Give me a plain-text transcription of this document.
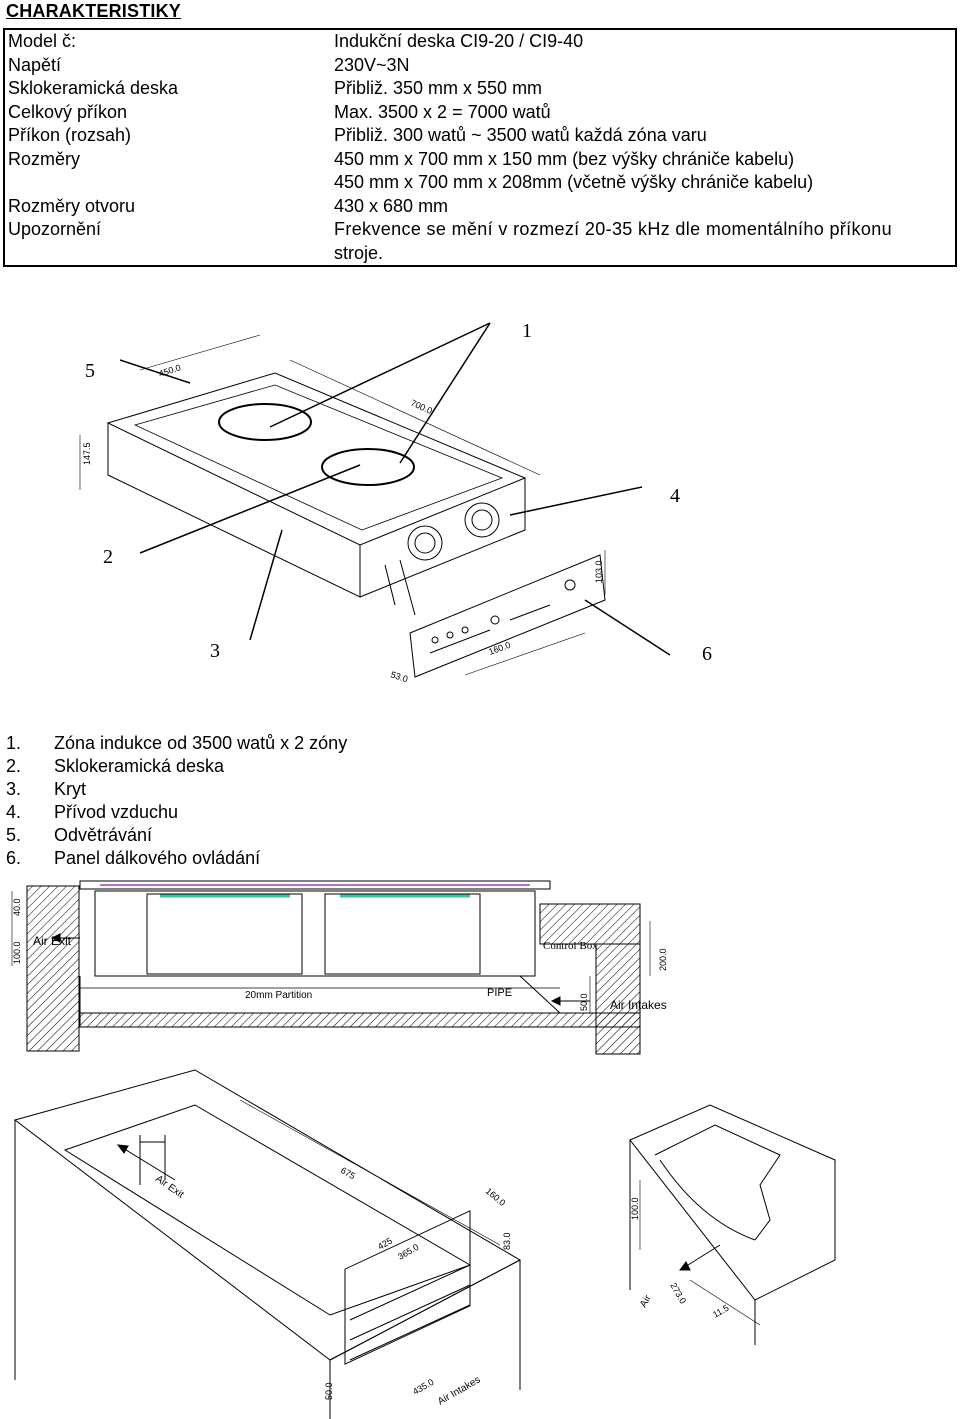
CHARAKTERISTIKY
Model č:	Indukční deska CI9-20 / CI9-40
Napětí	230V~3N
Sklokeramická deska	Přibliž. 350 mm x 550 mm
Celkový příkon	Max. 3500 x 2 = 7000 watů
Příkon (rozsah)	Přibliž. 300 watů ~ 3500 watů každá zóna varu
Rozměry	450 mm x 700 mm x 150 mm (bez výšky chrániče kabelu)
450 mm x 700 mm x 208mm (včetně výšky chrániče kabelu)

Rozměry otvoru	430 x 680 mm
Upozornění	Frekvence se mění v rozmezí 20-35 kHz dle momentálního příkonu
stroje.
1
2
3
4
5
6
450.0
700.0
147.5
103.0
160.0
53.0
1.	Zóna indukce od 3500 watů x 2 zóny
2.	Sklokeramická deska
3.	Kryt
4.	Přívod vzduchu
5.	Odvětrávání
6.	Panel dálkového ovládání
Air Exit	Control Box
20mm Partition	PIPE
Air Intakes
40.0
100.0	200.0
50.0
Air Exit
Air Intakes
675
160.0
425 365.0
83.0
50.0	435.0
Air
100.0
273.0
11.5
